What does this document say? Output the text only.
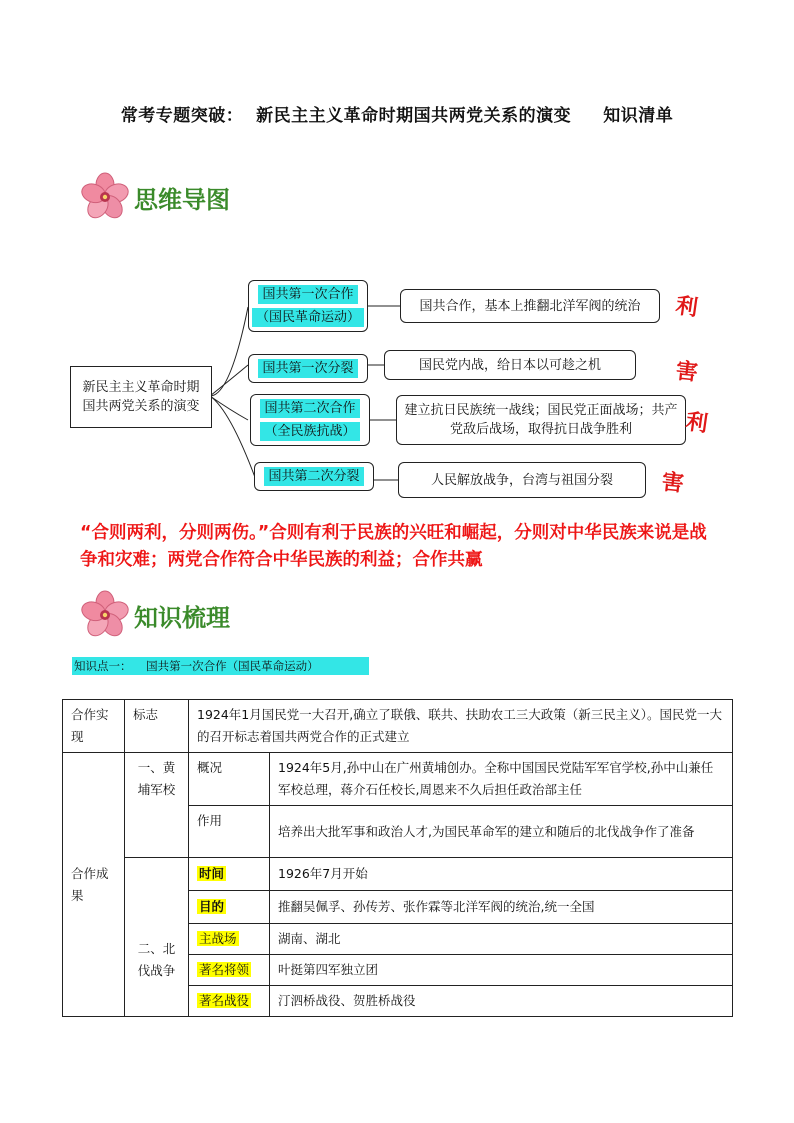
常考专题突破：  新民主主义革命时期国共两党关系的演变     知识清单
思维导图
新民主主义革命时期
国共两党关系的演变
国共第一次合作
（国民革命运动）
国共第一次分裂
国共第二次合作
（全民族抗战）
国共第二次分裂
国共合作，基本上推翻北洋军阀的统治
国民党内战，给日本以可趁之机
建立抗日民族统一战线；国民党正面战场；共产党敌后战场，取得抗日战争胜利
人民解放战争，台湾与祖国分裂
利
害
利
害
“合则两利，分则两伤。”合则有利于民族的兴旺和崛起，分则对中华民族来说是战争和灾难；两党合作符合中华民族的利益；合作共赢
知识梳理
知识点一：    国共第一次合作（国民革命运动）
合作实现	标志	1924年1月国民党一大召开,确立了联俄、联共、扶助农工三大政策（新三民主义）。国民党一大的召开标志着国共两党合作的正式建立	
合作成果	一、黄埔军校	概况	1924年5月,孙中山在广州黄埔创办。全称中国国民党陆军军官学校,孙中山兼任军校总理，蒋介石任校长,周恩来不久后担任政治部主任
		作用	培养出大批军事和政治人才,为国民革命军的建立和随后的北伐战争作了准备
	二、北伐战争	时间	1926年7月开始
		目的	推翻吴佩孚、孙传芳、张作霖等北洋军阀的统治,统一全国
		主战场	湖南、湖北
		著名将领	叶挺第四军独立团
		著名战役	汀泗桥战役、贺胜桥战役
